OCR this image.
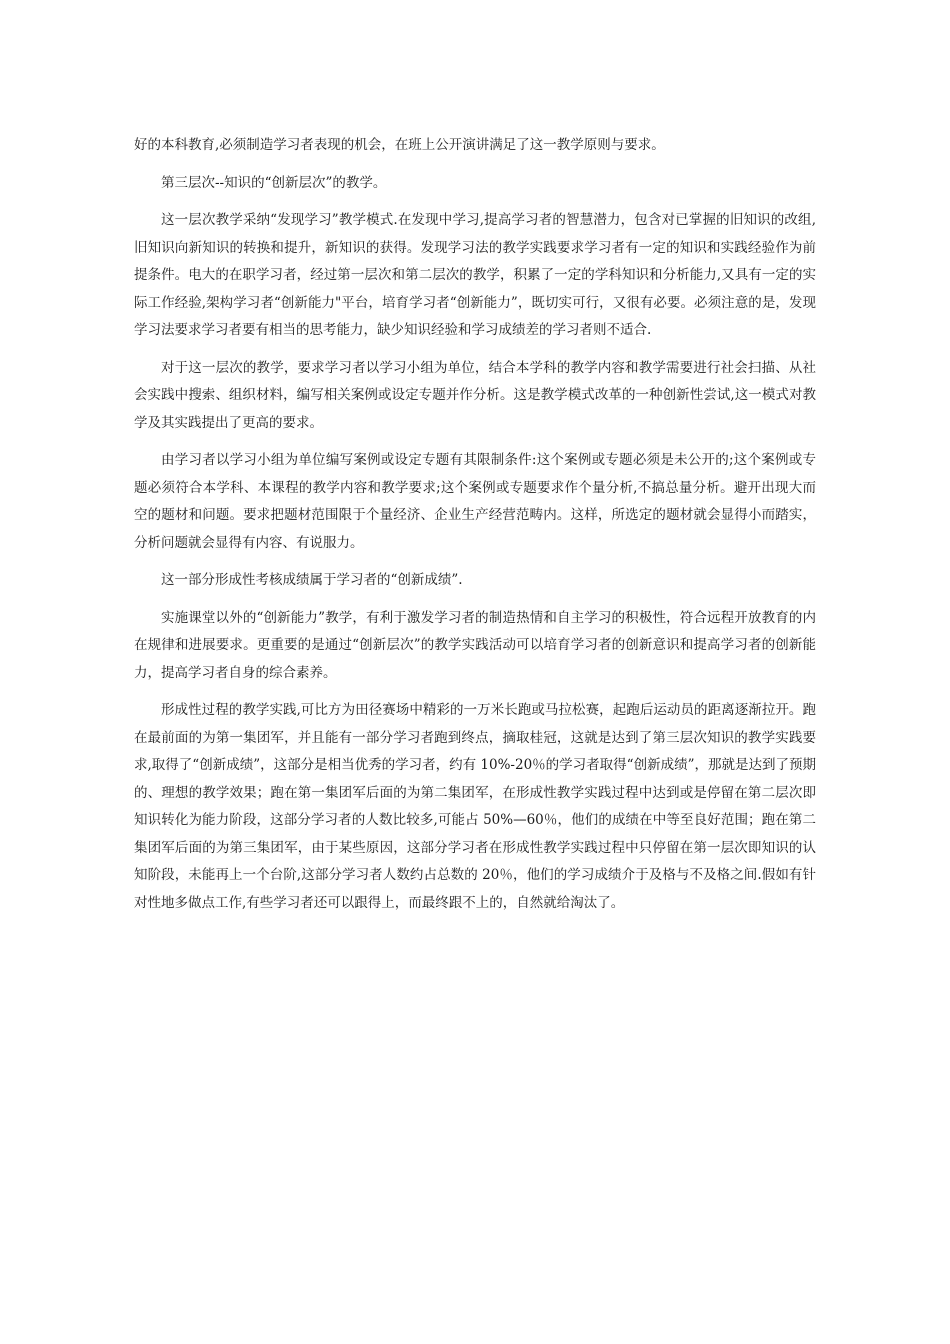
好的本科教育,必须制造学习者表现的机会，在班上公开演讲满足了这一教学原则与要求。

第三层次--知识的“创新层次”的教学。

这一层次教学采纳“发现学习”教学模式.在发现中学习,提高学习者的智慧潜力，包含对已掌握的旧知识的改组,旧知识向新知识的转换和提升，新知识的获得。发现学习法的教学实践要求学习者有一定的知识和实践经验作为前提条件。电大的在职学习者，经过第一层次和第二层次的教学，积累了一定的学科知识和分析能力,又具有一定的实际工作经验,架构学习者“创新能力"平台，培育学习者“创新能力”，既切实可行，又很有必要。必须注意的是，发现学习法要求学习者要有相当的思考能力，缺少知识经验和学习成绩差的学习者则不适合.

对于这一层次的教学，要求学习者以学习小组为单位，结合本学科的教学内容和教学需要进行社会扫描、从社会实践中搜索、组织材料，编写相关案例或设定专题并作分析。这是教学模式改革的一种创新性尝试,这一模式对教学及其实践提出了更高的要求。

由学习者以学习小组为单位编写案例或设定专题有其限制条件:这个案例或专题必须是未公开的;这个案例或专题必须符合本学科、本课程的教学内容和教学要求;这个案例或专题要求作个量分析,不搞总量分析。避开出现大而空的题材和问题。要求把题材范围限于个量经济、企业生产经营范畴内。这样，所选定的题材就会显得小而踏实，分析问题就会显得有内容、有说服力。

这一部分形成性考核成绩属于学习者的“创新成绩”.

实施课堂以外的“创新能力”教学，有利于激发学习者的制造热情和自主学习的积极性，符合远程开放教育的内在规律和进展要求。更重要的是通过“创新层次”的教学实践活动可以培育学习者的创新意识和提高学习者的创新能力，提高学习者自身的综合素养。

形成性过程的教学实践,可比方为田径赛场中精彩的一万米长跑或马拉松赛，起跑后运动员的距离逐渐拉开。跑在最前面的为第一集团军，并且能有一部分学习者跑到终点，摘取桂冠，这就是达到了第三层次知识的教学实践要求,取得了“创新成绩”，这部分是相当优秀的学习者，约有 10%-20％的学习者取得“创新成绩”，那就是达到了预期的、理想的教学效果；跑在第一集团军后面的为第二集团军，在形成性教学实践过程中达到或是停留在第二层次即知识转化为能力阶段，这部分学习者的人数比较多,可能占 50%—60％，他们的成绩在中等至良好范围；跑在第二集团军后面的为第三集团军，由于某些原因，这部分学习者在形成性教学实践过程中只停留在第一层次即知识的认知阶段，未能再上一个台阶,这部分学习者人数约占总数的 20％，他们的学习成绩介于及格与不及格之间.假如有针对性地多做点工作,有些学习者还可以跟得上，而最终跟不上的，自然就给淘汰了。
